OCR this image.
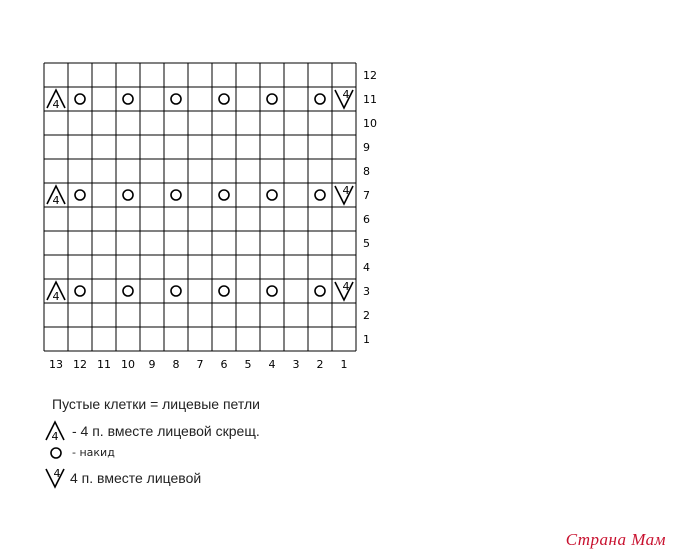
12
11
10
9
8
7
6
5
4
3
2
1
13 12 11 10 9 8 7 6 5 4 3 2 1
4
4
4
4
4
4
4
4
Пустые клетки = лицевые петли
- 4 п. вместе лицевой скрещ.
- накид
4 п. вместе лицевой
Страна Мам
